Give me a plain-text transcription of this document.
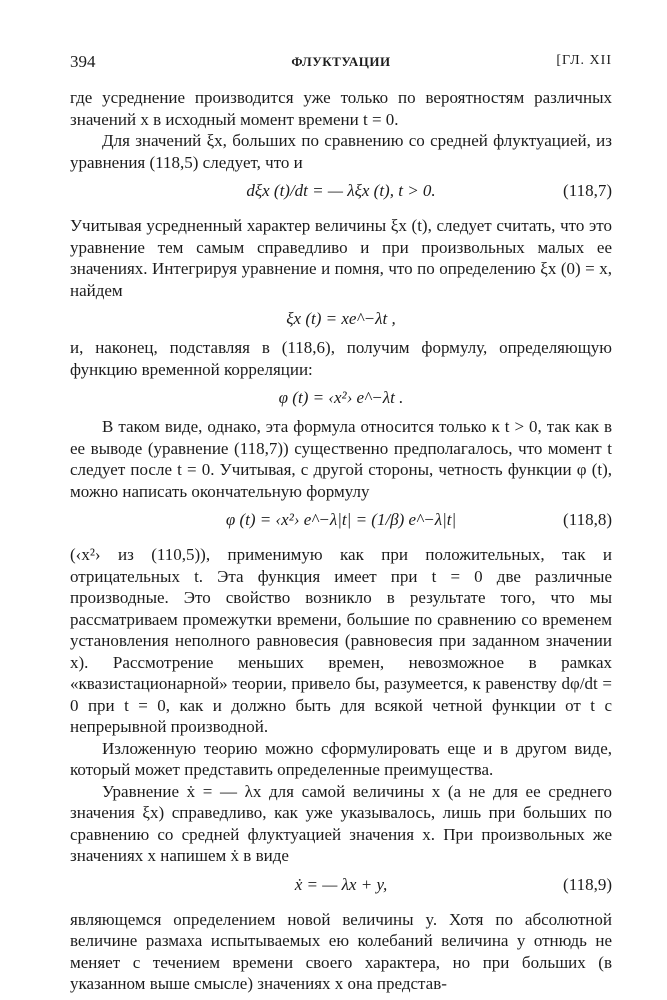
394	ФЛУКТУАЦИИ	[ГЛ. XII

где усреднение производится уже только по вероятностям различных значений x в исходный момент времени t = 0.

Для значений ξx, больших по сравнению со средней флуктуацией, из уравнения (118,5) следует, что и

dξx (t)/dt = — λξx (t), t > 0.	(118,7)

Учитывая усредненный характер величины ξx (t), следует считать, что это уравнение тем самым справедливо и при произвольных малых ее значениях. Интегрируя уравнение и помня, что по определению ξx (0) = x, найдем

ξx (t) = xe^−λt ,

и, наконец, подставляя в (118,6), получим формулу, определяющую функцию временной корреляции:

φ (t) = ‹x²› e^−λt .

В таком виде, однако, эта формула относится только к t > 0, так как в ее выводе (уравнение (118,7)) существенно предполагалось, что момент t следует после t = 0. Учитывая, с другой стороны, четность функции φ (t), можно написать окончательную формулу

φ (t) = ‹x²› e^−λ|t| = (1/β) e^−λ|t|	(118,8)

(‹x²› из (110,5)), применимую как при положительных, так и отрицательных t. Эта функция имеет при t = 0 две различные производные. Это свойство возникло в результате того, что мы рассматриваем промежутки времени, большие по сравнению со временем установления неполного равновесия (равновесия при заданном значении x). Рассмотрение меньших времен, невозможное в рамках «квазистационарной» теории, привело бы, разумеется, к равенству dφ/dt = 0 при t = 0, как и должно быть для всякой четной функции от t с непрерывной производной.

Изложенную теорию можно сформулировать еще и в другом виде, который может представить определенные преимущества.

Уравнение ẋ = — λx для самой величины x (а не для ее среднего значения ξx) справедливо, как уже указывалось, лишь при больших по сравнению со средней флуктуацией значения x. При произвольных же значениях x напишем ẋ в виде

ẋ = — λx + y,	(118,9)

являющемся определением новой величины y. Хотя по абсолютной величине размаха испытываемых ею колебаний величина y отнюдь не меняет с течением времени своего характера, но при больших (в указанном выше смысле) значениях x она представ-
